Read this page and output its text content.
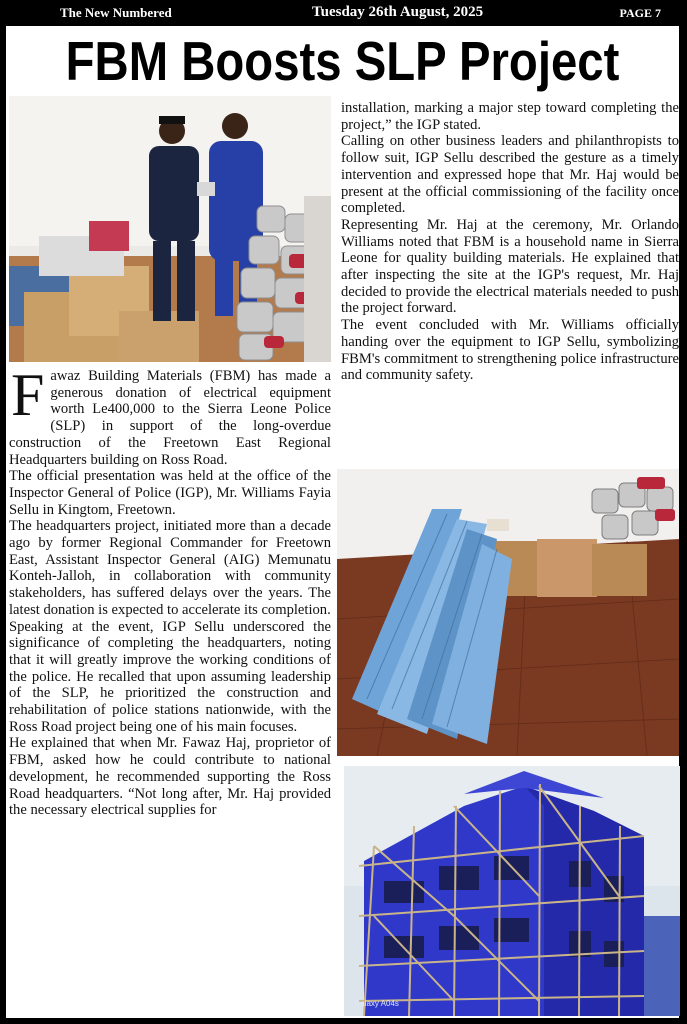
The New Numbered	Tuesday 26th August, 2025	PAGE 7
FBM Boosts SLP Project
F awaz Building Materials (FBM) has made a generous donation of electrical equipment worth Le400,000 to the Sierra Leone Police (SLP) in support of the long-overdue construction of the Freetown East Regional Headquarters building on Ross Road.

The official presentation was held at the office of the Inspector General of Police (IGP), Mr. Williams Fayia Sellu in Kingtom, Freetown.

The headquarters project, initiated more than a decade ago by former Regional Commander for Freetown East, Assistant Inspector General (AIG) Memunatu Konteh-Jalloh, in collaboration with community stakeholders, has suffered delays over the years. The latest donation is expected to accelerate its completion.

Speaking at the event, IGP Sellu underscored the significance of completing the headquarters, noting that it will greatly improve the working conditions of the police. He recalled that upon assuming leadership of the SLP, he prioritized the construction and rehabilitation of police stations nationwide, with the Ross Road project being one of his main focuses.

He explained that when Mr. Fawaz Haj, proprietor of FBM, asked how he could contribute to national development, he recommended supporting the Ross Road headquarters. “Not long after, Mr. Haj provided the necessary electrical supplies for

installation, marking a major step toward completing the project,” the IGP stated.

Calling on other business leaders and philanthropists to follow suit, IGP Sellu described the gesture as a timely intervention and expressed hope that Mr. Haj would be present at the official commissioning of the facility once completed.

Representing Mr. Haj at the ceremony, Mr. Orlando Williams noted that FBM is a household name in Sierra Leone for quality building materials. He explained that after inspecting the site at the IGP's request, Mr. Haj decided to provide the electrical materials needed to push the project forward.

The event concluded with Mr. Williams officially handing over the equipment to IGP Sellu, symbolizing FBM's commitment to strengthening police infrastructure and community safety.

Galaxy A04s
